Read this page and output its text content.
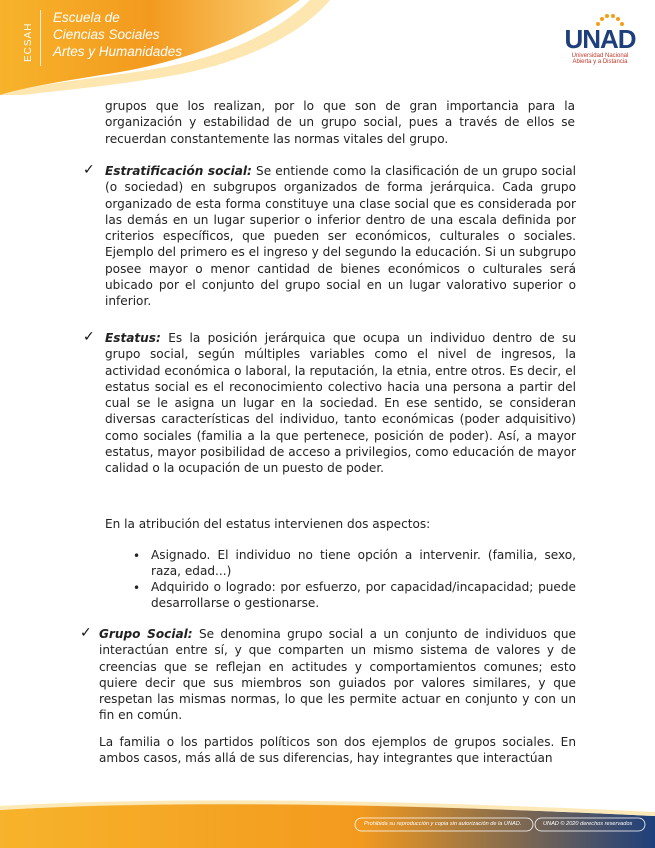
ECSAH
Escuela de
Ciencias Sociales
Artes y Humanidades	UNAD
Universidad Nacional
Abierta y a Distancia
grupos que los realizan, por lo que son de gran importancia para la organización y estabilidad de un grupo social, pues a través de ellos se recuerdan constantemente las normas vitales del grupo.
✓ Estratificación social: Se entiende como la clasificación de un grupo social (o sociedad) en subgrupos organizados de forma jerárquica. Cada grupo organizado de esta forma constituye una clase social que es considerada por las demás en un lugar superior o inferior dentro de una escala definida por criterios específicos, que pueden ser económicos, culturales o sociales. Ejemplo del primero es el ingreso y del segundo la educación. Si un subgrupo posee mayor o menor cantidad de bienes económicos o culturales será ubicado por el conjunto del grupo social en un lugar valorativo superior o inferior.
✓ Estatus: Es la posición jerárquica que ocupa un individuo dentro de su grupo social, según múltiples variables como el nivel de ingresos, la actividad económica o laboral, la reputación, la etnia, entre otros. Es decir, el estatus social es el reconocimiento colectivo hacia una persona a partir del cual se le asigna un lugar en la sociedad. En ese sentido, se consideran diversas características del individuo, tanto económicas (poder adquisitivo) como sociales (familia a la que pertenece, posición de poder). Así, a mayor estatus, mayor posibilidad de acceso a privilegios, como educación de mayor calidad o la ocupación de un puesto de poder.
En la atribución del estatus intervienen dos aspectos:
• Asignado. El individuo no tiene opción a intervenir. (familia, sexo, raza, edad...)
• Adquirido o logrado: por esfuerzo, por capacidad/incapacidad; puede desarrollarse o gestionarse.
✓ Grupo Social: Se denomina grupo social a un conjunto de individuos que interactúan entre sí, y que comparten un mismo sistema de valores y de creencias que se reflejan en actitudes y comportamientos comunes; esto quiere decir que sus miembros son guiados por valores similares, y que respetan las mismas normas, lo que les permite actuar en conjunto y con un fin en común.
La familia o los partidos políticos son dos ejemplos de grupos sociales. En ambos casos, más allá de sus diferencias, hay integrantes que interactúan
Prohibida su reproducción y copia sin autorización de la UNAD.	UNAD © 2020 derechos reservados
